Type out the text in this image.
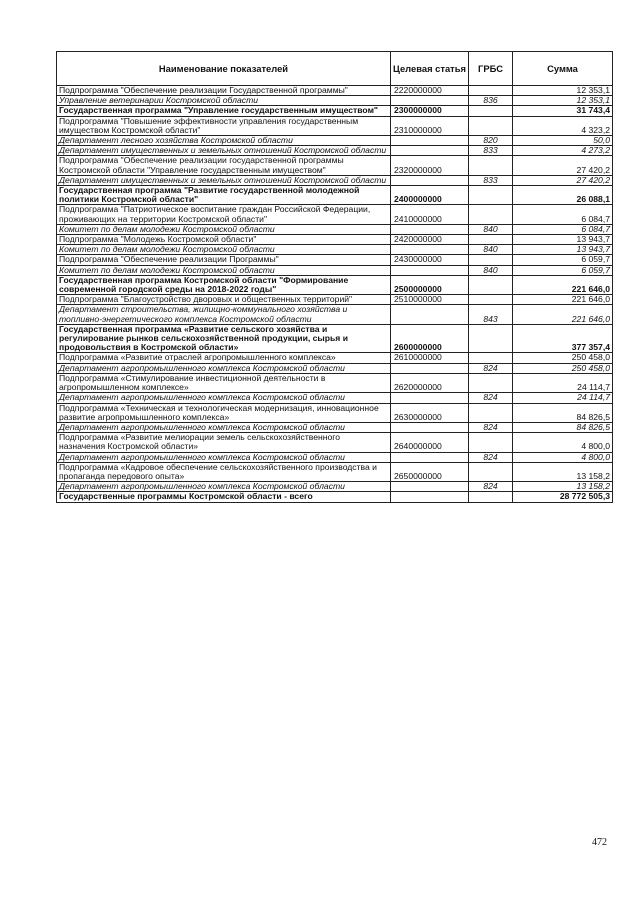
Наименование показателей	Целевая статья	ГРБС	Сумма
Подпрограмма "Обеспечение реализации Государственной программы"	2220000000		12 353,1
Управление ветеринарии Костромской области		836	12 353,1
Государственная программа "Управление государственным имуществом"	2300000000		31 743,4
Подпрограмма "Повышение эффективности управления государственным имуществом Костромской области"	2310000000		4 323,2
Департамент лесного хозяйства Костромской области		820	50,0
Департамент имущественных и земельных отношений Костромской области		833	4 273,2
Подпрограмма "Обеспечение реализации государственной программы Костромской области "Управление государственным имуществом"	2320000000		27 420,2
Департамент имущественных и земельных отношений Костромской области		833	27 420,2
Государственная программа "Развитие государственной молодежной политики Костромской области"	2400000000		26 088,1
Подпрограмма "Патриотическое воспитание граждан Российской Федерации, проживающих на территории Костромской области"	2410000000		6 084,7
Комитет по делам молодежи Костромской области		840	6 084,7
Подпрограмма "Молодежь Костромской области"	2420000000		13 943,7
Комитет по делам молодежи Костромской области		840	13 943,7
Подпрограмма "Обеспечение реализации Программы"	2430000000		6 059,7
Комитет по делам молодежи Костромской области		840	6 059,7
Государственная программа Костромской области "Формирование современной городской среды на 2018-2022 годы"	2500000000		221 646,0
Подпрограмма "Благоустройство дворовых и общественных территорий"	2510000000		221 646,0
Департамент строительства, жилищно-коммунального хозяйства и топливно-энергетического комплекса Костромской области		843	221 646,0
Государственная программа «Развитие сельского хозяйства и регулирование рынков сельскохозяйственной продукции, сырья и продовольствия в Костромской области»	2600000000		377 357,4
Подпрограмма «Развитие отраслей агропромышленного комплекса»	2610000000		250 458,0
Департамент агропромышленного комплекса Костромской области		824	250 458,0
Подпрограмма «Стимулирование инвестиционной деятельности в агропромышленном комплексе»	2620000000		24 114,7
Департамент агропромышленного комплекса Костромской области		824	24 114,7
Подпрограмма «Техническая и технологическая модернизация, инновационное развитие агропромышленного комплекса»	2630000000		84 826,5
Департамент агропромышленного комплекса Костромской области		824	84 826,5
Подпрограмма «Развитие мелиорации земель сельскохозяйственного назначения Костромской области»	2640000000		4 800,0
Департамент агропромышленного комплекса Костромской области		824	4 800,0
Подпрограмма «Кадровое обеспечение сельскохозяйственного производства и пропаганда передового опыта»	2650000000		13 158,2
Департамент агропромышленного комплекса Костромской области		824	13 158,2
Государственные программы Костромской области - всего			28 772 505,3
472
